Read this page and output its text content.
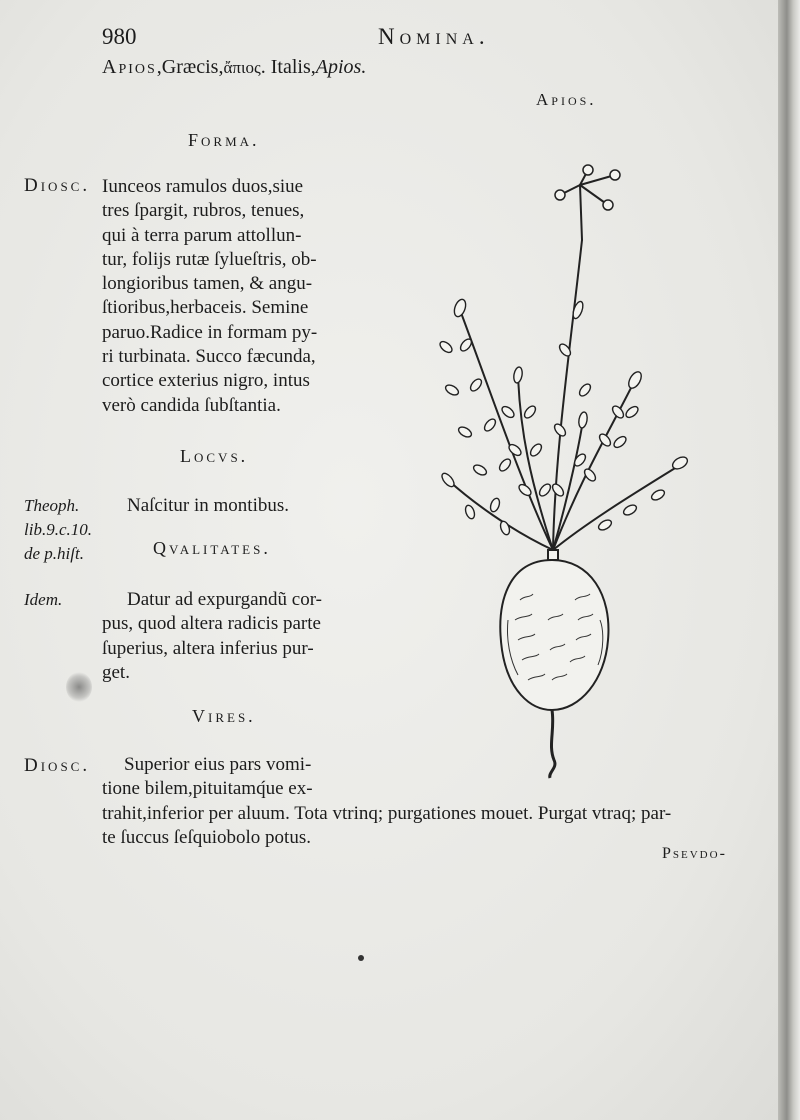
980	Nomina.
Apios,Græcis,ἄπιος. Italis,Apios.
Apios.
Forma.
Diosc. Iunceos ramulos duos,siue
tres ſpargit, rubros, tenues,
qui à terra parum attollun-
tur, folijs rutæ ſylueſtris, ob-
longioribus tamen, & angu-
ſtioribus,herbaceis. Semine
paruo.Radice in formam py-
ri turbinata. Succo fæcunda,
cortice exterius nigro, intus
verò candida ſubſtantia.
Locvs.
Theoph.
lib.9.c.10.
de p.hiſt.
Naſcitur in montibus.
Qvalitates.
Idem.	Datur ad expurgandũ cor-
pus, quod altera radicis parte
ſuperius, altera inferius pur-
get.
Vires.
Diosc.	Superior eius pars vomi-
tione bilem,pituitamq́ue ex-
trahit,inferior per aluum. Tota vtrinq; purgationes mouet. Purgat vtraq; par-
te ſuccus ſeſquiobolo potus.
Psevdo-
